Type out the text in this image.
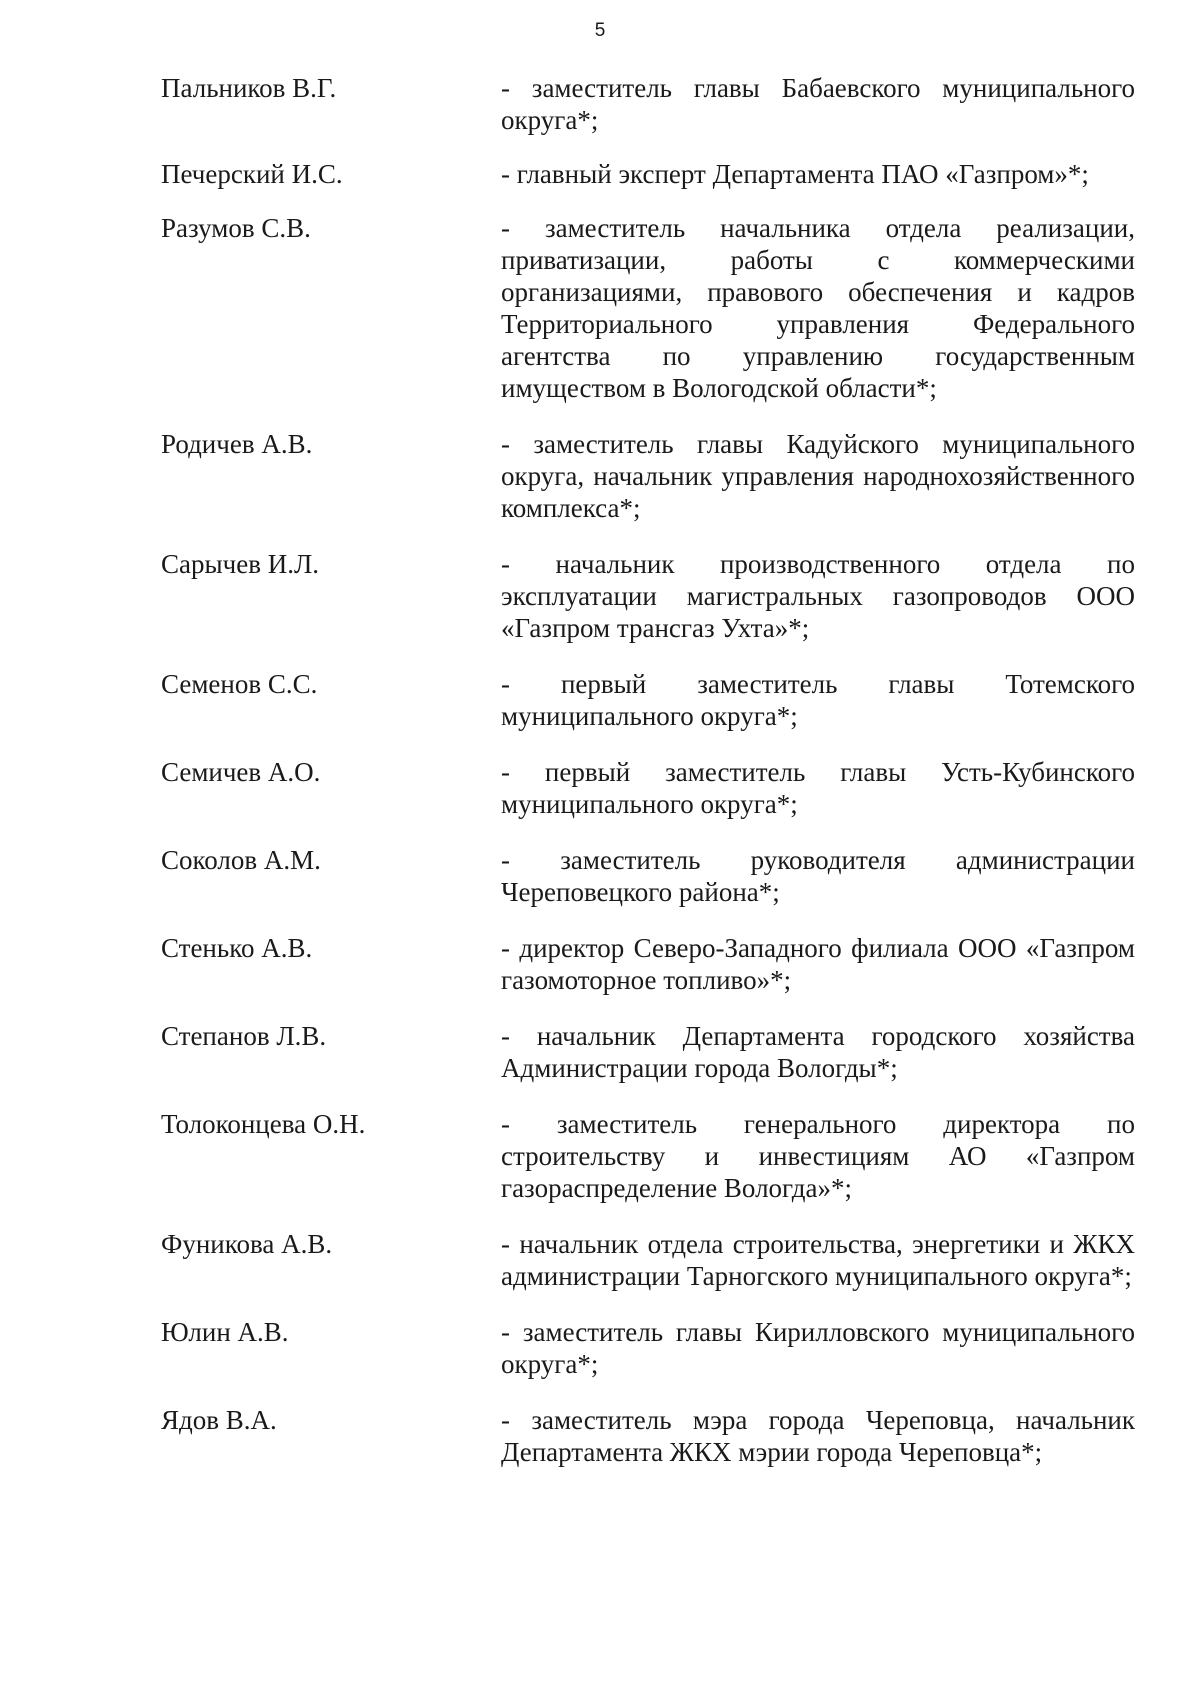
5
Пальников В.Г.	- заместитель главы Бабаевского муниципального округа*;
Печерский И.С.	- главный эксперт Департамента ПАО «Газпром»*;
Разумов С.В.	- заместитель начальника отдела реализации, приватизации, работы с коммерческими организациями, правового обеспечения и кадров Территориального управления Федерального агентства по управлению государственным имуществом в Вологодской области*;
Родичев А.В.	- заместитель главы Кадуйского муниципального округа, начальник управления народнохозяйственного комплекса*;
Сарычев И.Л.	- начальник производственного отдела по эксплуатации магистральных газопроводов ООО «Газпром трансгаз Ухта»*;
Семенов С.С.	- первый заместитель главы Тотемского муниципального округа*;
Семичев А.О.	- первый заместитель главы Усть-Кубинского муниципального округа*;
Соколов А.М.	- заместитель руководителя администрации Череповецкого района*;
Стенько А.В.	- директор Северо-Западного филиала ООО «Газпром газомоторное топливо»*;
Степанов Л.В.	- начальник Департамента городского хозяйства Администрации города Вологды*;
Толоконцева О.Н.	- заместитель генерального директора по строительству и инвестициям АО «Газпром газораспределение Вологда»*;
Фуникова А.В.	- начальник отдела строительства, энергетики и ЖКХ администрации Тарногского муниципального округа*;
Юлин А.В.	- заместитель главы Кирилловского муниципального округа*;
Ядов В.А.	- заместитель мэра города Череповца, начальник Департамента ЖКХ мэрии города Череповца*;
